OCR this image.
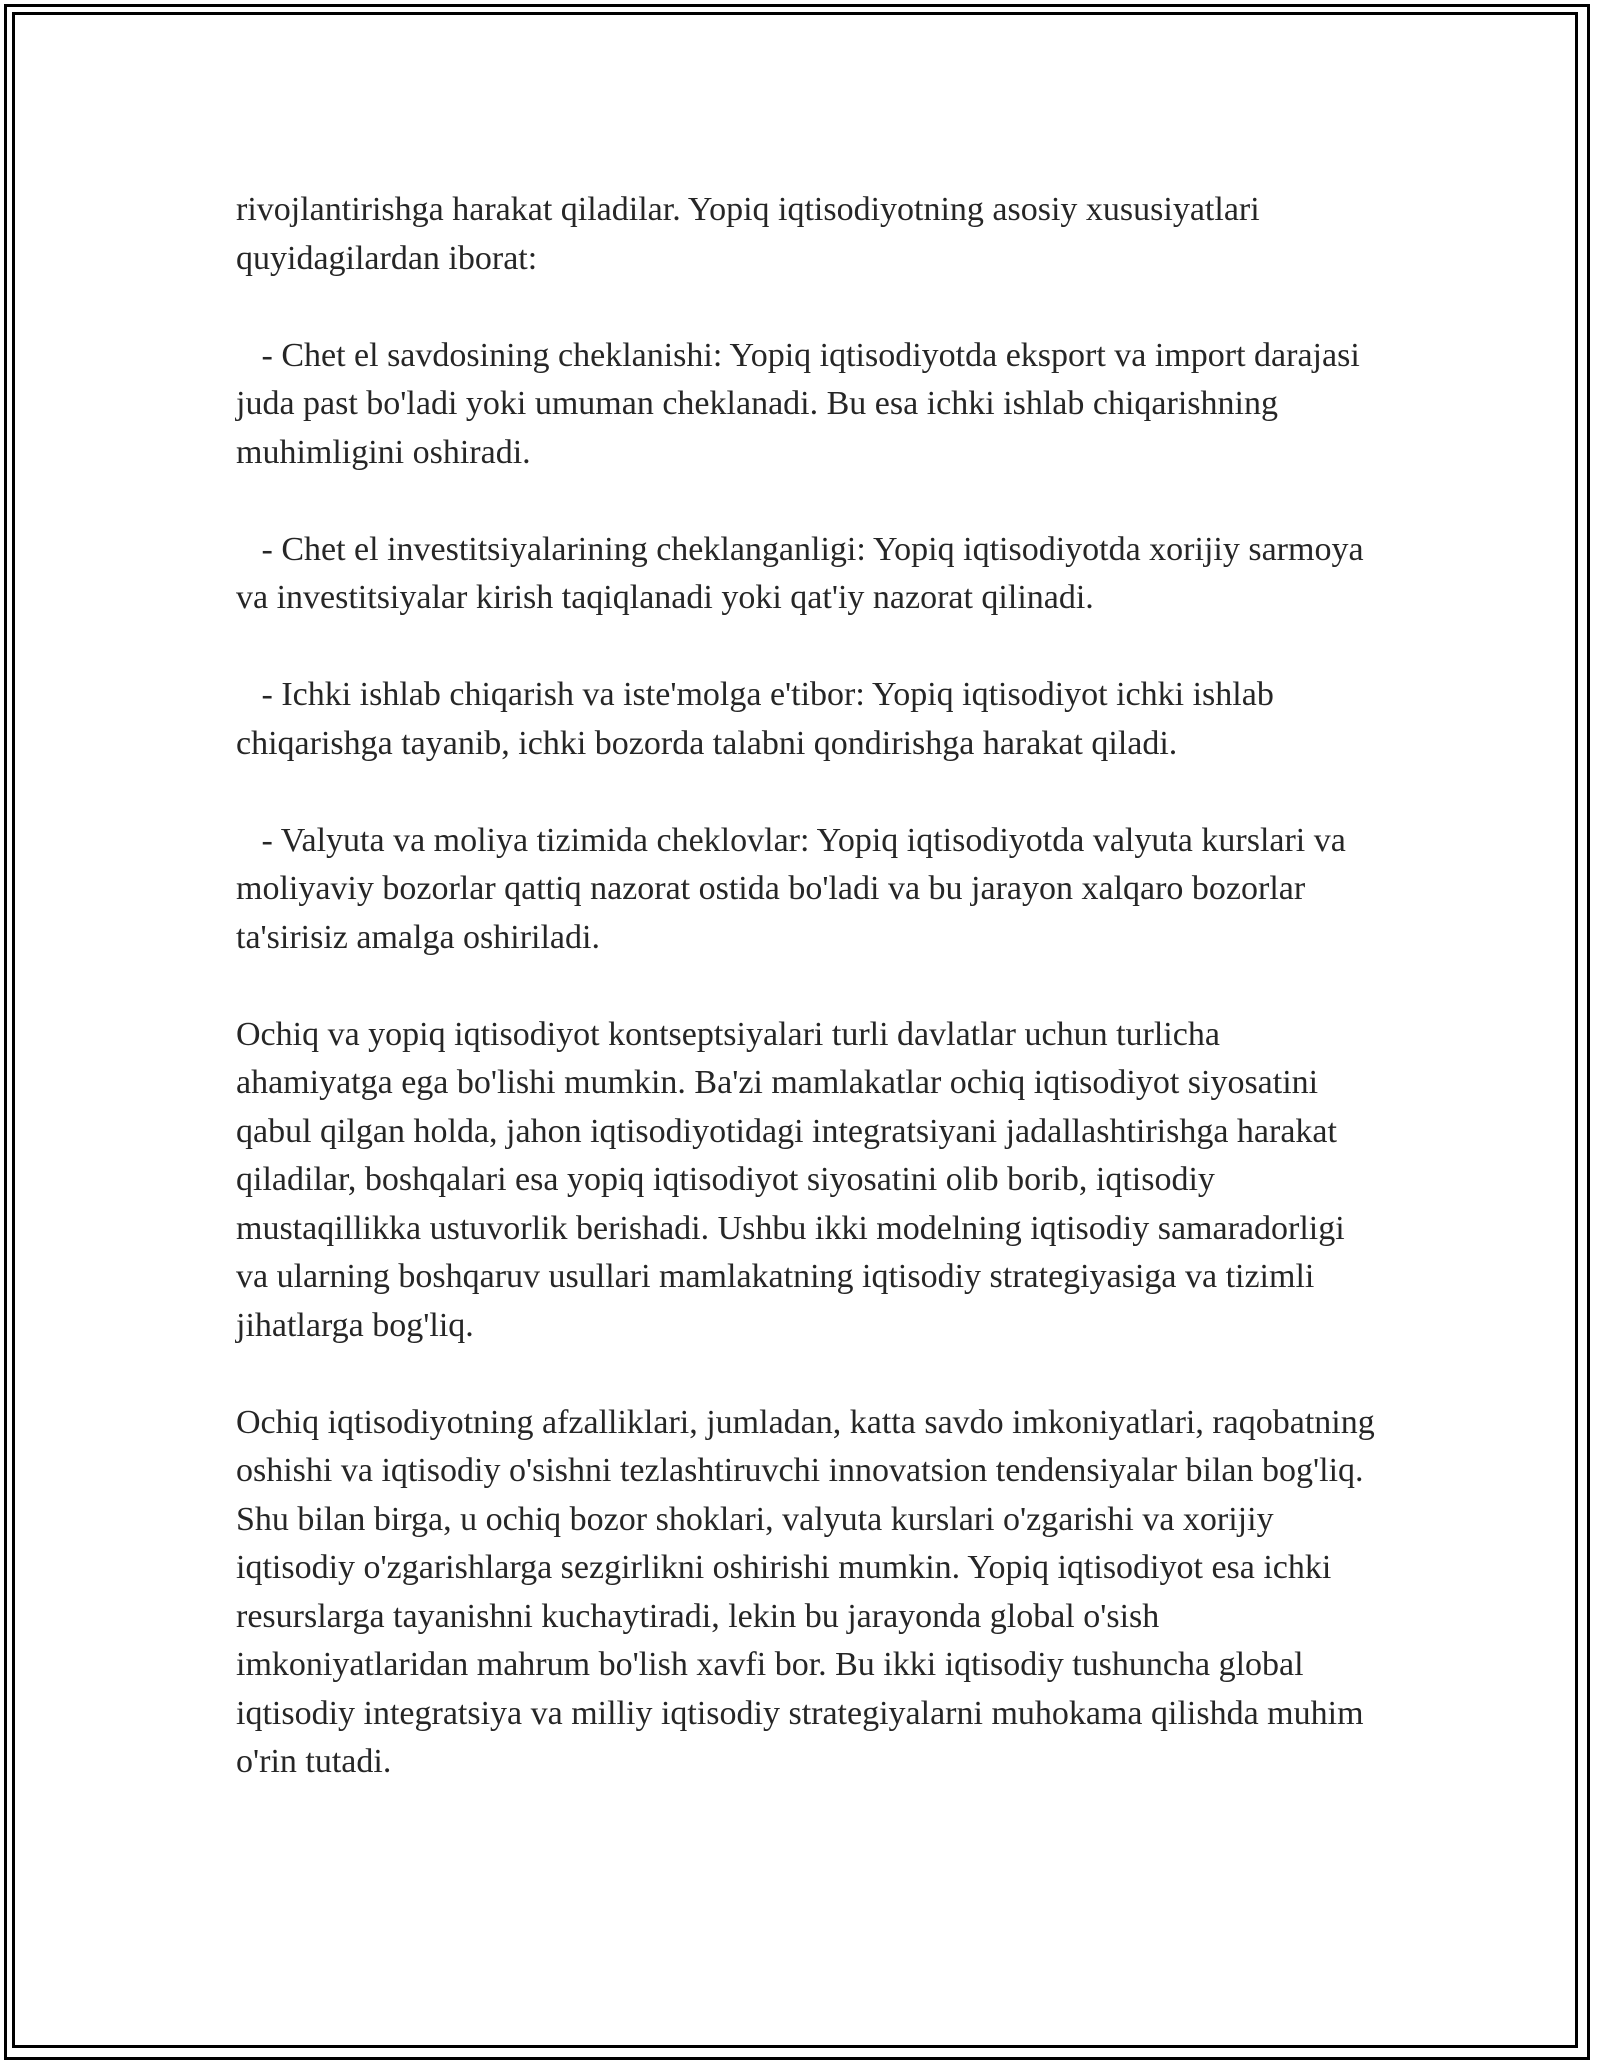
rivojlantirishga harakat qiladilar. Yopiq iqtisodiyotning asosiy xususiyatlari quyidagilardan iborat:

- Chet el savdosining cheklanishi: Yopiq iqtisodiyotda eksport va import darajasi juda past bo'ladi yoki umuman cheklanadi. Bu esa ichki ishlab chiqarishning muhimligini oshiradi.

- Chet el investitsiyalarining cheklanganligi: Yopiq iqtisodiyotda xorijiy sarmoya va investitsiyalar kirish taqiqlanadi yoki qat'iy nazorat qilinadi.

- Ichki ishlab chiqarish va iste'molga e'tibor: Yopiq iqtisodiyot ichki ishlab chiqarishga tayanib, ichki bozorda talabni qondirishga harakat qiladi.

- Valyuta va moliya tizimida cheklovlar: Yopiq iqtisodiyotda valyuta kurslari va moliyaviy bozorlar qattiq nazorat ostida bo'ladi va bu jarayon xalqaro bozorlar ta'sirisiz amalga oshiriladi.

Ochiq va yopiq iqtisodiyot kontseptsiyalari turli davlatlar uchun turlicha ahamiyatga ega bo'lishi mumkin. Ba'zi mamlakatlar ochiq iqtisodiyot siyosatini qabul qilgan holda, jahon iqtisodiyotidagi integratsiyani jadallashtirishga harakat qiladilar, boshqalari esa yopiq iqtisodiyot siyosatini olib borib, iqtisodiy mustaqillikka ustuvorlik berishadi. Ushbu ikki modelning iqtisodiy samaradorligi va ularning boshqaruv usullari mamlakatning iqtisodiy strategiyasiga va tizimli jihatlarga bog'liq.

Ochiq iqtisodiyotning afzalliklari, jumladan, katta savdo imkoniyatlari, raqobatning oshishi va iqtisodiy o'sishni tezlashtiruvchi innovatsion tendensiyalar bilan bog'liq. Shu bilan birga, u ochiq bozor shoklari, valyuta kurslari o'zgarishi va xorijiy iqtisodiy o'zgarishlarga sezgirlikni oshirishi mumkin. Yopiq iqtisodiyot esa ichki resurslarga tayanishni kuchaytiradi, lekin bu jarayonda global o'sish imkoniyatlaridan mahrum bo'lish xavfi bor. Bu ikki iqtisodiy tushuncha global iqtisodiy integratsiya va milliy iqtisodiy strategiyalarni muhokama qilishda muhim o'rin tutadi.
